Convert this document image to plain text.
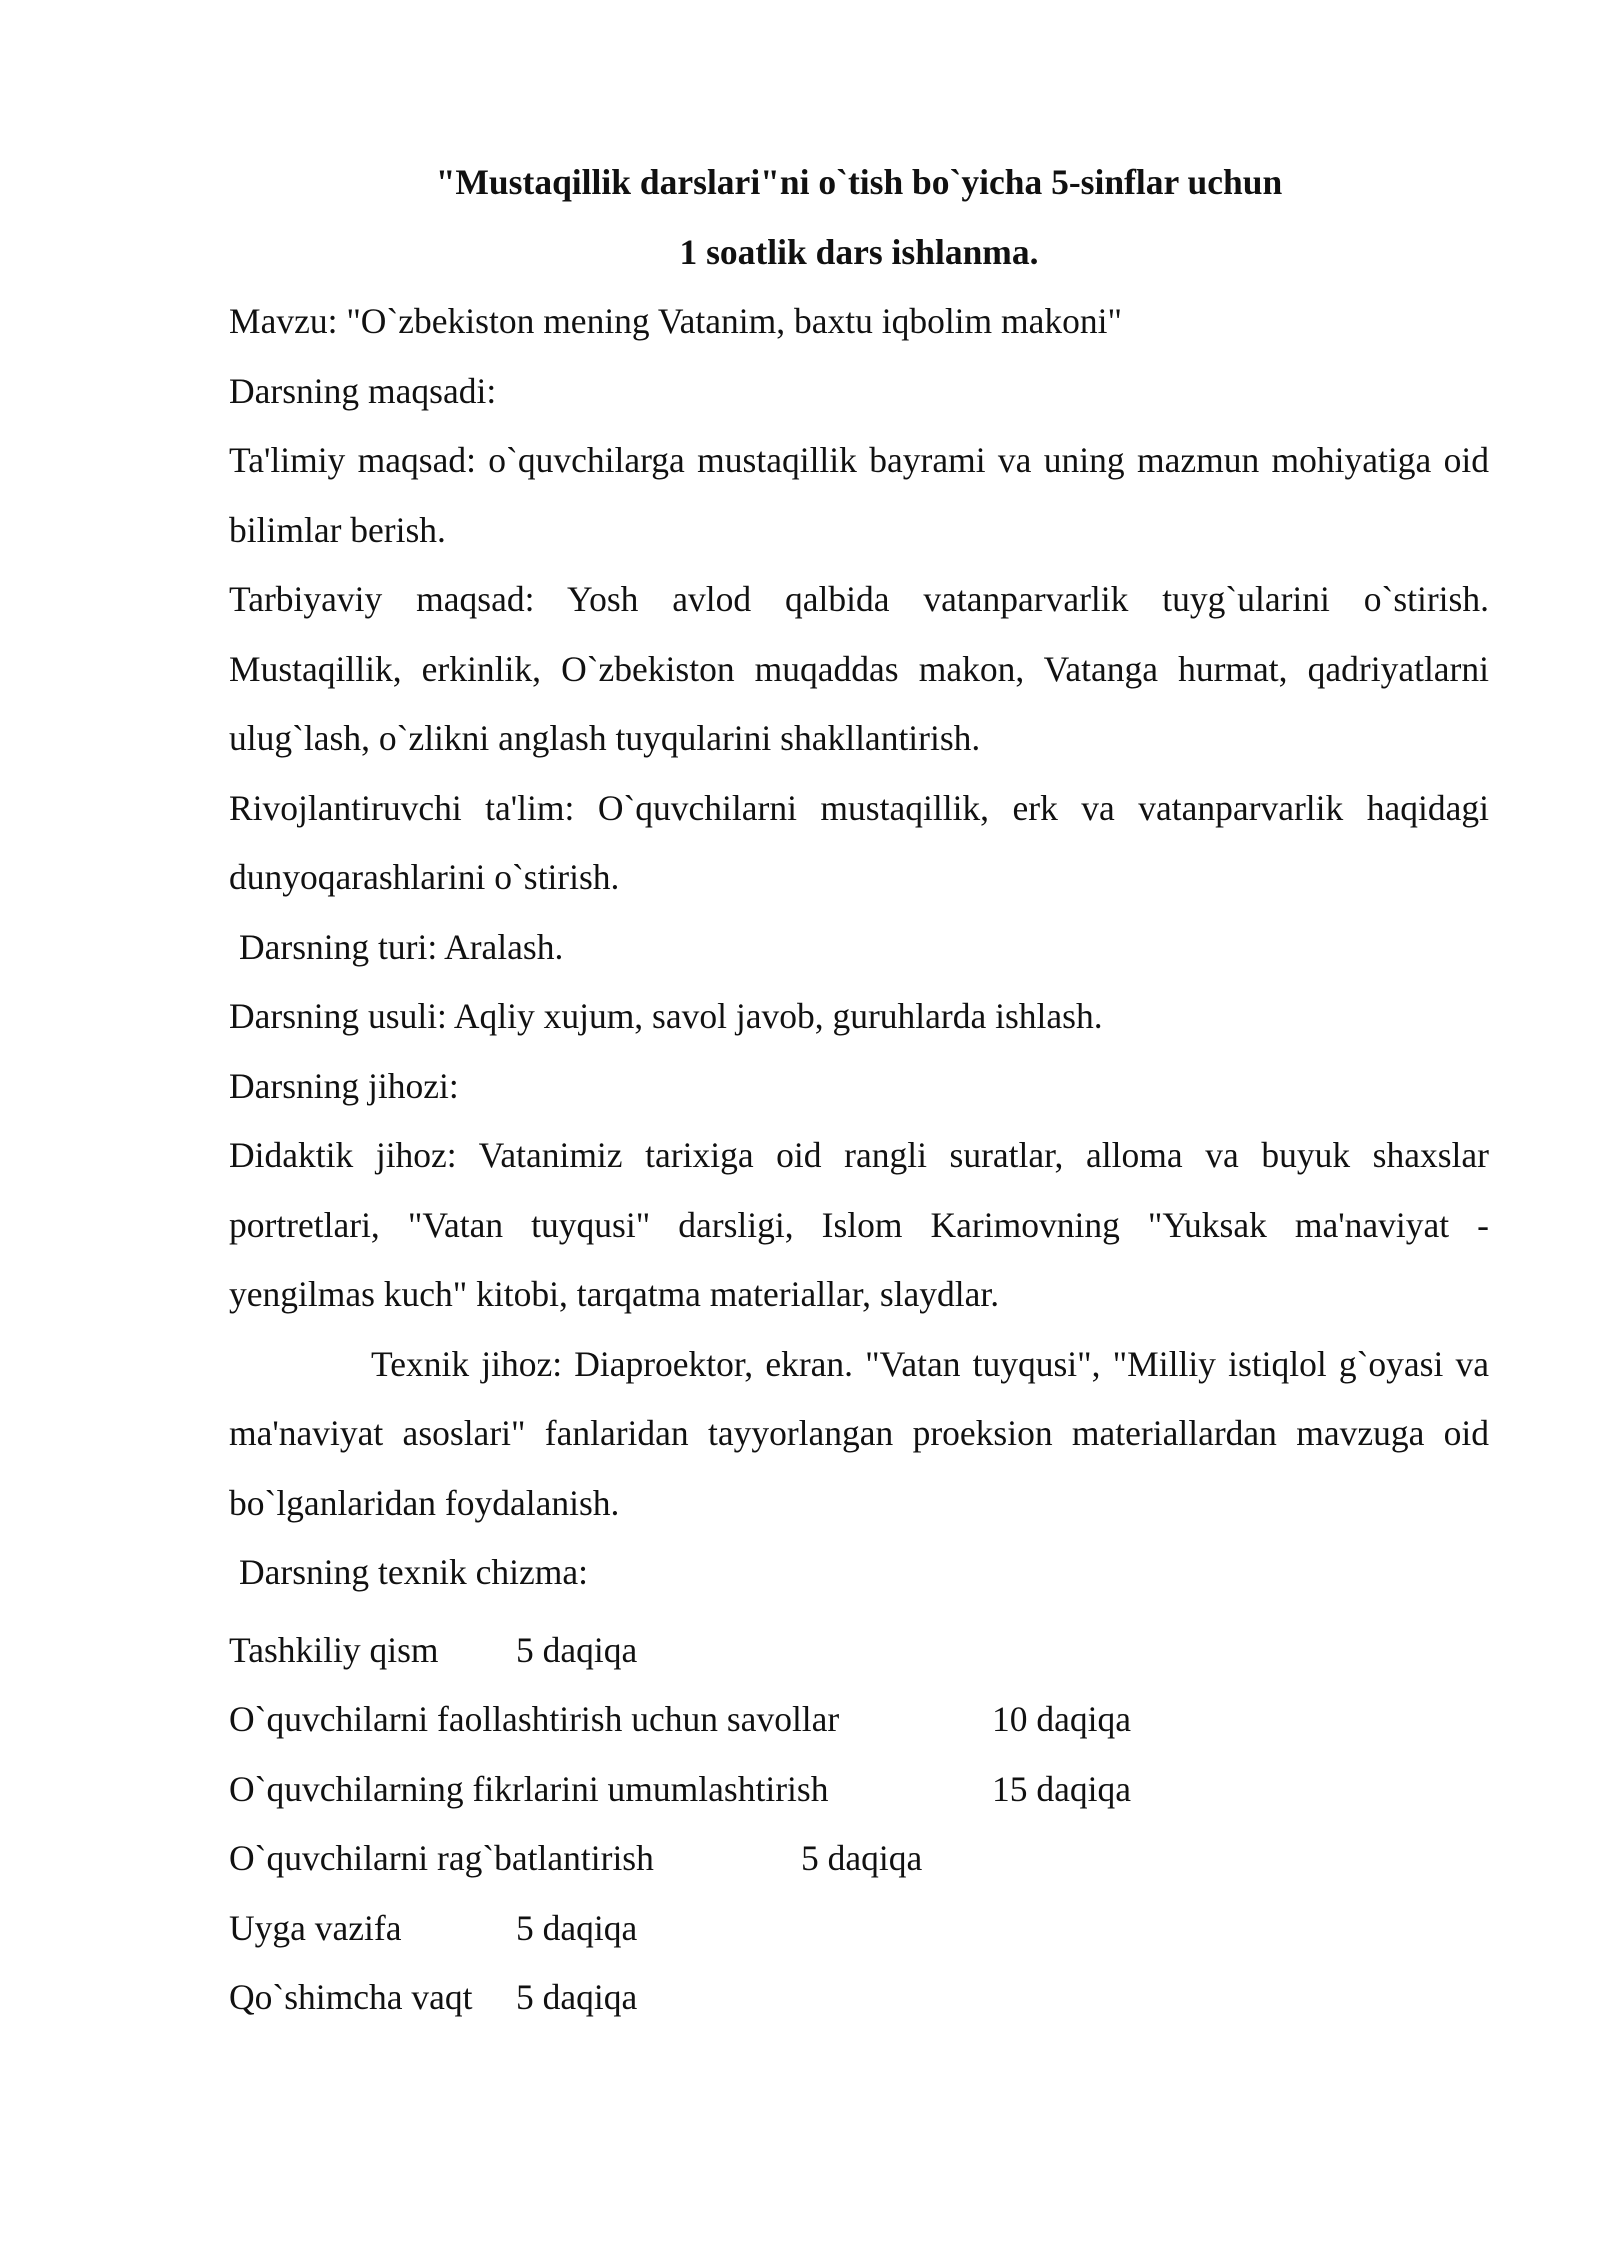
"Mustaqillik darslari"ni o`tish bo`yicha 5-sinflar uchun

1 soatlik dars ishlanma.

Mavzu: "O`zbekiston mening Vatanim, baxtu iqbolim makoni"

Darsning maqsadi:

Ta'limiy maqsad: o`quvchilarga mustaqillik bayrami va uning mazmun mohiyatiga oid bilimlar berish.

Tarbiyaviy maqsad: Yosh avlod qalbida vatanparvarlik tuyg`ularini o`stirish. Mustaqillik, erkinlik, O`zbekiston muqaddas makon, Vatanga hurmat, qadriyatlarni ulug`lash, o`zlikni anglash tuyqularini shakllantirish.

Rivojlantiruvchi ta'lim: O`quvchilarni mustaqillik, erk va vatanparvarlik haqidagi dunyoqarashlarini o`stirish.

Darsning turi: Aralash.

Darsning usuli: Aqliy xujum, savol javob, guruhlarda ishlash.

Darsning jihozi:

Didaktik jihoz: Vatanimiz tarixiga oid rangli suratlar, alloma va buyuk shaxslar portretlari, "Vatan tuyqusi" darsligi, Islom Karimovning "Yuksak ma'naviyat - yengilmas kuch" kitobi, tarqatma materiallar, slaydlar.

Texnik jihoz: Diaproektor, ekran. "Vatan tuyqusi", "Milliy istiqlol g`oyasi va ma'naviyat asoslari" fanlaridan tayyorlangan proeksion materiallardan mavzuga oid bo`lganlaridan foydalanish.

Darsning texnik chizma:

Tashkiliy qism 5 daqiqa
O`quvchilarni faollashtirish uchun savollar	10 daqiqa
O`quvchilarning fikrlarini umumlashtirish	15 daqiqa
O`quvchilarni rag`batlantirish	5 daqiqa
Uyga vazifa	5 daqiqa
Qo`shimcha vaqt 5 daqiqa
